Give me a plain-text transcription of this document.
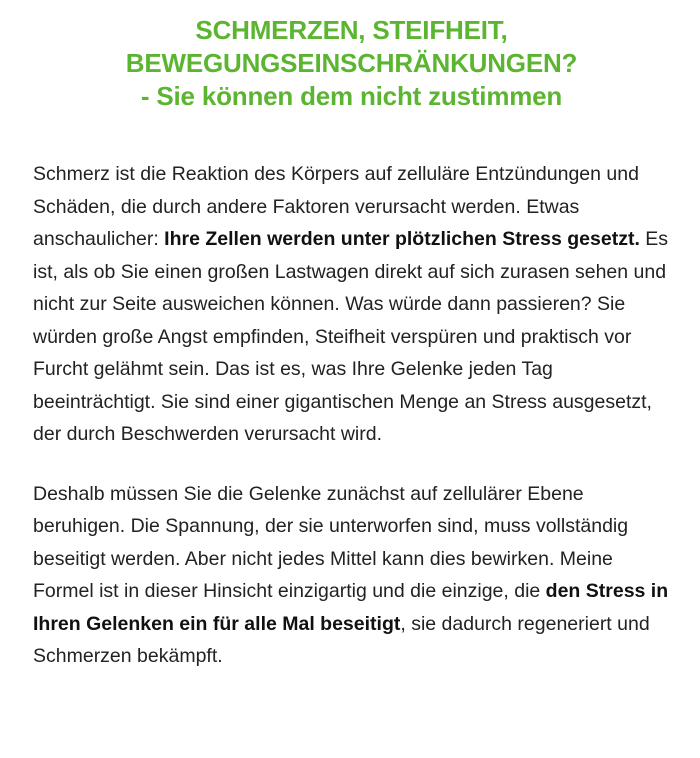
SCHMERZEN, STEIFHEIT,
BEWEGUNGSEINSCHRÄNKUNGEN?
- Sie können dem nicht zustimmen

Schmerz ist die Reaktion des Körpers auf zelluläre Entzündungen und Schäden, die durch andere Faktoren verursacht werden. Etwas anschaulicher: Ihre Zellen werden unter plötzlichen Stress gesetzt. Es ist, als ob Sie einen großen Lastwagen direkt auf sich zurasen sehen und nicht zur Seite ausweichen können. Was würde dann passieren? Sie würden große Angst empfinden, Steifheit verspüren und praktisch vor Furcht gelähmt sein. Das ist es, was Ihre Gelenke jeden Tag beeinträchtigt. Sie sind einer gigantischen Menge an Stress ausgesetzt, der durch Beschwerden verursacht wird.

Deshalb müssen Sie die Gelenke zunächst auf zellulärer Ebene beruhigen. Die Spannung, der sie unterworfen sind, muss vollständig beseitigt werden. Aber nicht jedes Mittel kann dies bewirken. Meine Formel ist in dieser Hinsicht einzigartig und die einzige, die den Stress in Ihren Gelenken ein für alle Mal beseitigt, sie dadurch regeneriert und Schmerzen bekämpft.
